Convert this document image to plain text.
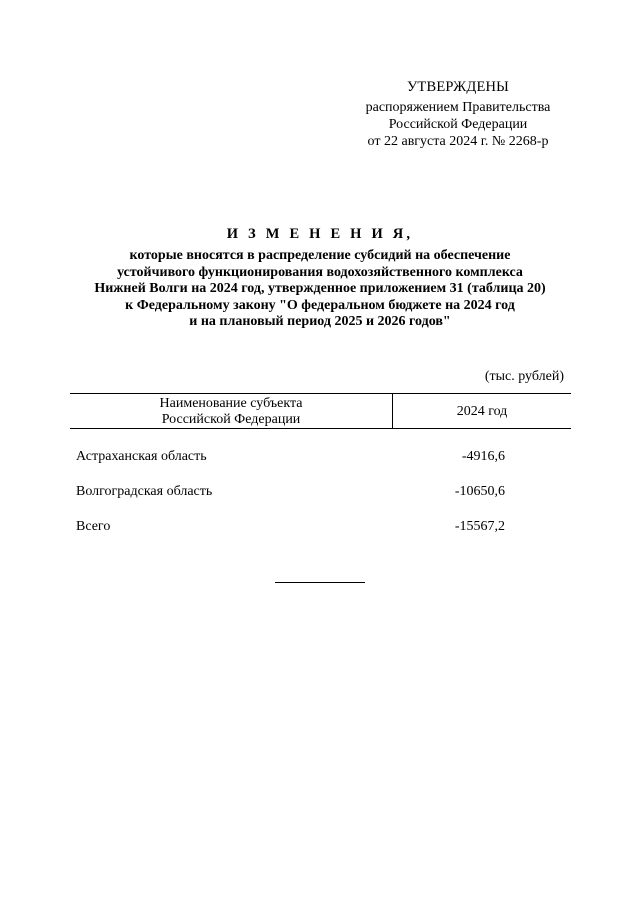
УТВЕРЖДЕНЫ
распоряжением Правительства
Российской Федерации
от 22 августа 2024 г. № 2268-р
И З М Е Н Е Н И Я,
которые вносятся в распределение субсидий на обеспечение
устойчивого функционирования водохозяйственного комплекса
Нижней Волги на 2024 год, утвержденное приложением 31 (таблица 20)
к Федеральному закону "О федеральном бюджете на 2024 год
и на плановый период 2025 и 2026 годов"
(тыс. рублей)
Наименование субъекта
Российской Федерации	2024 год

Астраханская область	-4916,6
Волгоградская область	-10650,6
Всего	-15567,2
